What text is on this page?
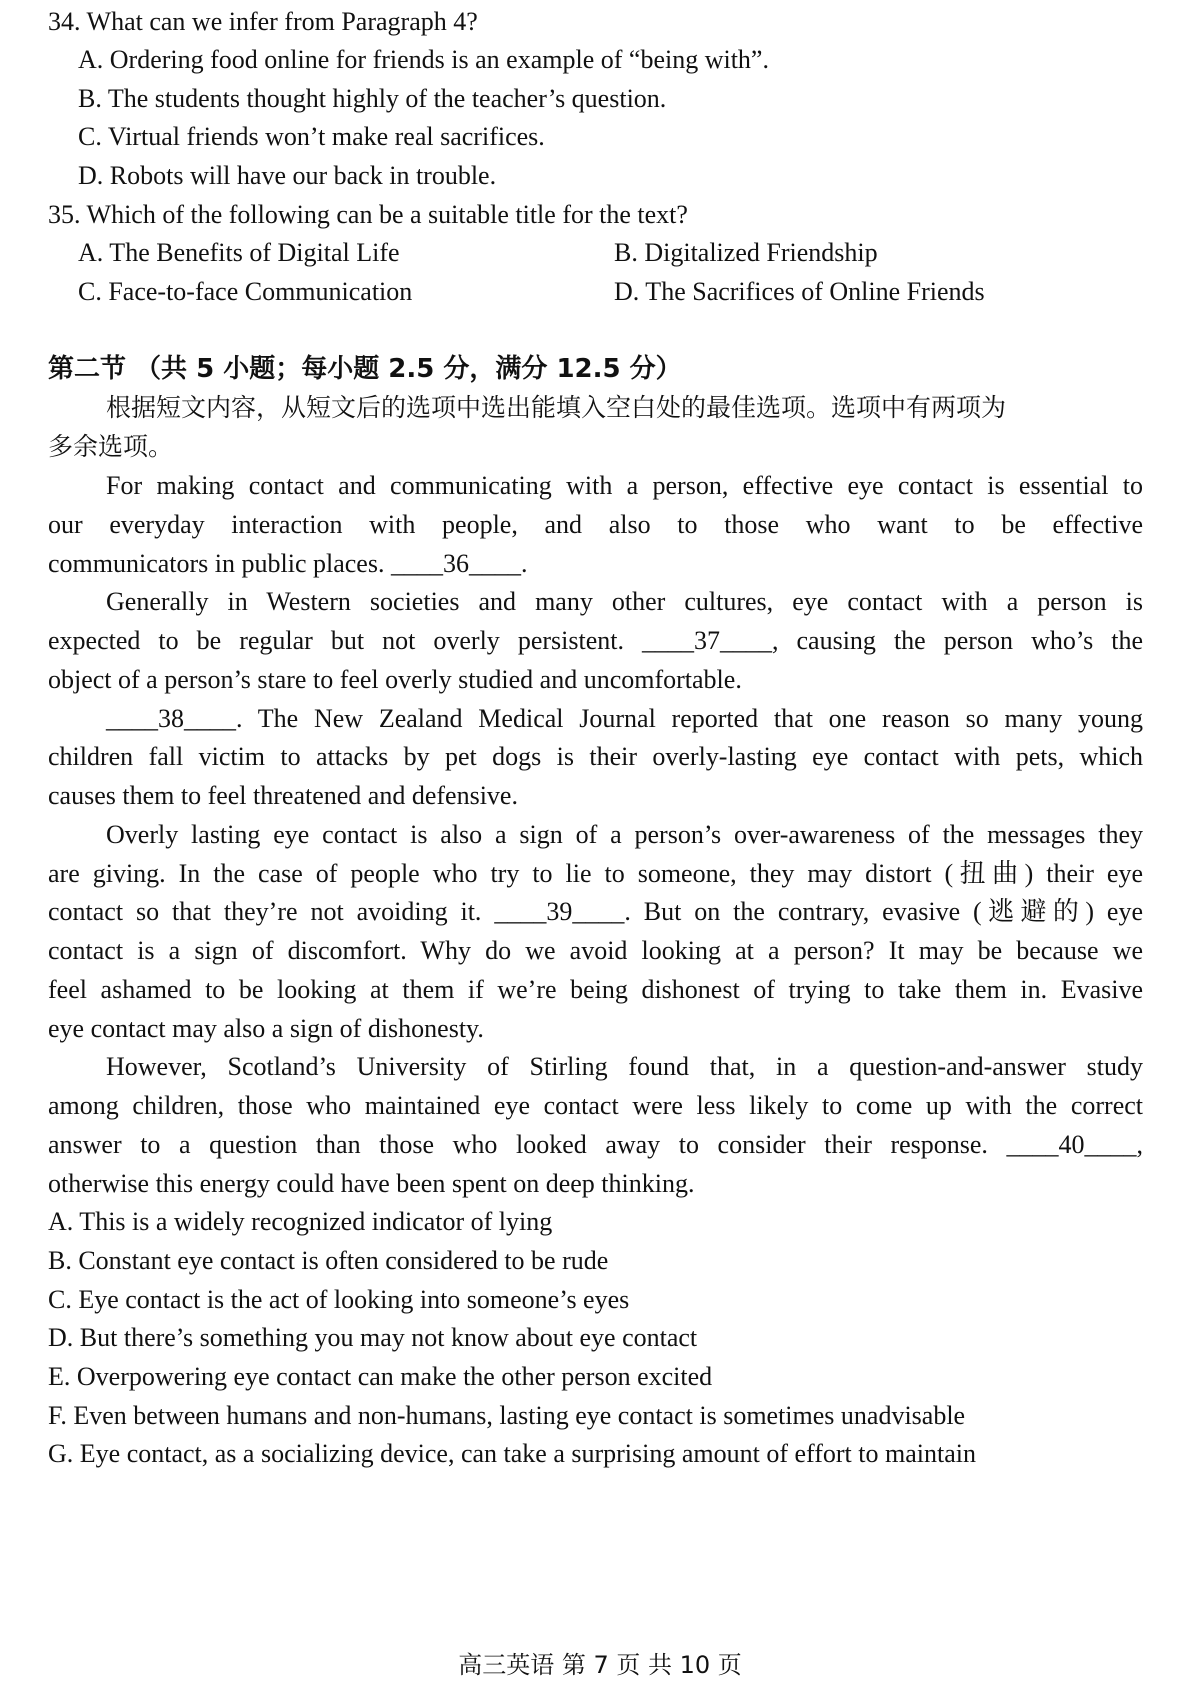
34. What can we infer from Paragraph 4?

A. Ordering food online for friends is an example of “being with”.

B. The students thought highly of the teacher’s question.

C. Virtual friends won’t make real sacrifices.

D. Robots will have our back in trouble.

35. Which of the following can be a suitable title for the text?

A. The Benefits of Digital Life	B. Digitalized Friendship

C. Face-to-face Communication	D. The Sacrifices of Online Friends

第二节 （共 5 小题；每小题 2.5 分，满分 12.5 分）

根据短文内容，从短文后的选项中选出能填入空白处的最佳选项。选项中有两项为

多余选项。

For making contact and communicating with a person, effective eye contact is essential to

our everyday interaction with people, and also to those who want to be effective

communicators in public places. ____36____.

Generally in Western societies and many other cultures, eye contact with a person is

expected to be regular but not overly persistent. ____37____, causing the person who’s the

object of a person’s stare to feel overly studied and uncomfortable.

____38____. The New Zealand Medical Journal reported that one reason so many young

children fall victim to attacks by pet dogs is their overly-lasting eye contact with pets, which

causes them to feel threatened and defensive.

Overly lasting eye contact is also a sign of a person’s over-awareness of the messages they

are giving. In the case of people who try to lie to someone, they may distort (扭曲) their eye

contact so that they’re not avoiding it. ____39____. But on the contrary, evasive (逃避的) eye

contact is a sign of discomfort. Why do we avoid looking at a person? It may be because we

feel ashamed to be looking at them if we’re being dishonest of trying to take them in. Evasive

eye contact may also a sign of dishonesty.

However, Scotland’s University of Stirling found that, in a question-and-answer study

among children, those who maintained eye contact were less likely to come up with the correct

answer to a question than those who looked away to consider their response. ____40____,

otherwise this energy could have been spent on deep thinking.

A. This is a widely recognized indicator of lying

B. Constant eye contact is often considered to be rude

C. Eye contact is the act of looking into someone’s eyes

D. But there’s something you may not know about eye contact

E. Overpowering eye contact can make the other person excited

F. Even between humans and non-humans, lasting eye contact is sometimes unadvisable

G. Eye contact, as a socializing device, can take a surprising amount of effort to maintain

高三英语 第 7 页 共 10 页
